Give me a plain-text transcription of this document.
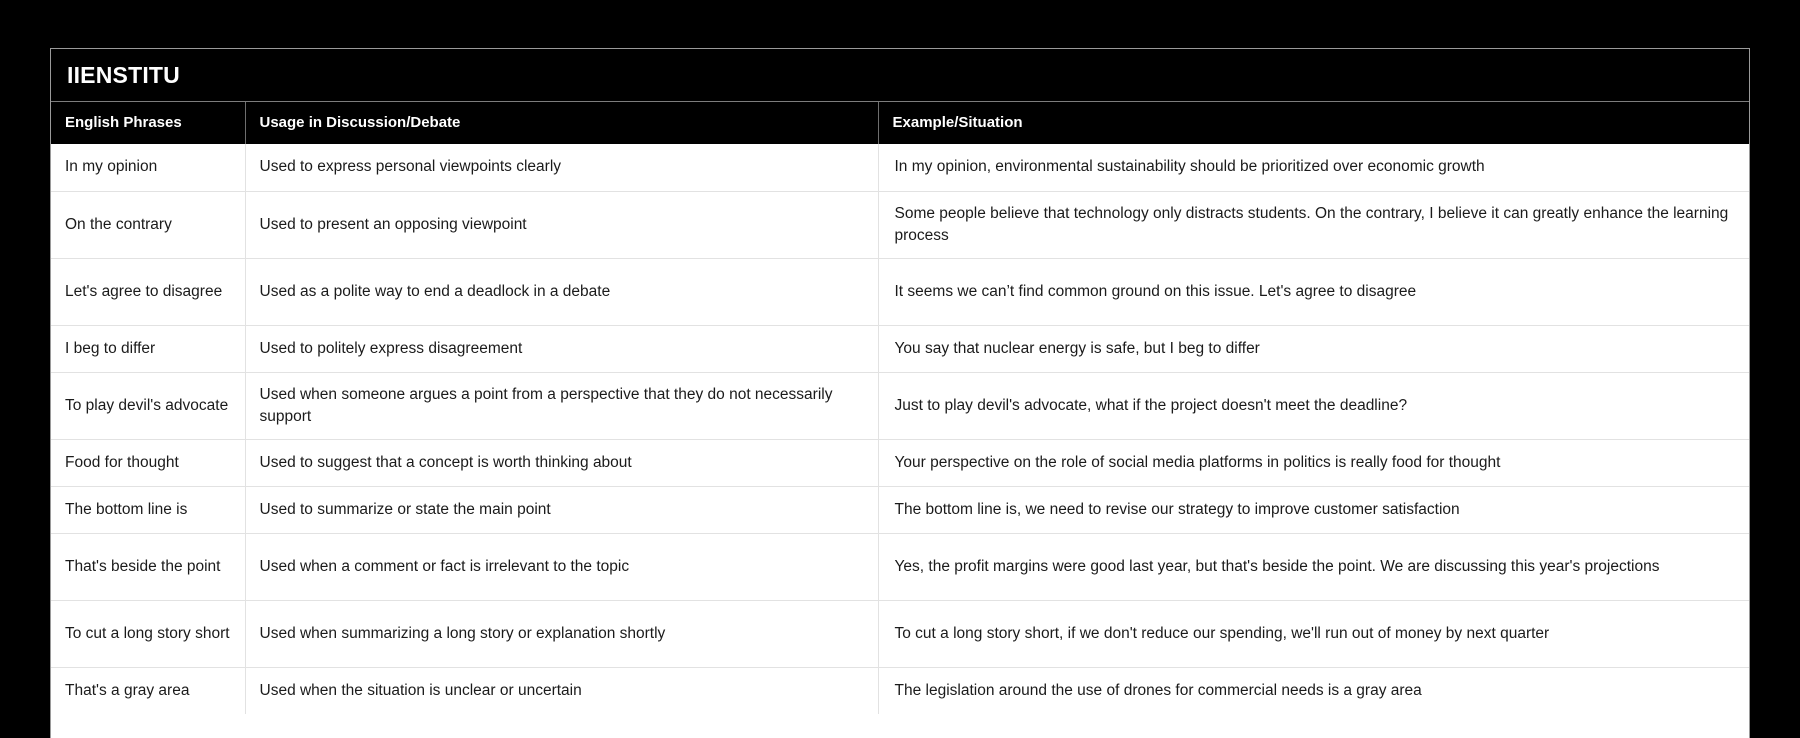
IIENSTITU
English Phrases	Usage in Discussion/Debate	Example/Situation
In my opinion	Used to express personal viewpoints clearly	In my opinion, environmental sustainability should be prioritized over economic growth
On the contrary	Used to present an opposing viewpoint	Some people believe that technology only distracts students. On the contrary, I believe it can greatly enhance the learning process
Let's agree to disagree	Used as a polite way to end a deadlock in a debate	It seems we can’t find common ground on this issue. Let's agree to disagree
I beg to differ	Used to politely express disagreement	You say that nuclear energy is safe, but I beg to differ
To play devil's advocate	Used when someone argues a point from a perspective that they do not necessarily support	Just to play devil's advocate, what if the project doesn't meet the deadline?
Food for thought	Used to suggest that a concept is worth thinking about	Your perspective on the role of social media platforms in politics is really food for thought
The bottom line is	Used to summarize or state the main point	The bottom line is, we need to revise our strategy to improve customer satisfaction
That's beside the point	Used when a comment or fact is irrelevant to the topic	Yes, the profit margins were good last year, but that's beside the point. We are discussing this year's projections
To cut a long story short	Used when summarizing a long story or explanation shortly	To cut a long story short, if we don't reduce our spending, we'll run out of money by next quarter
That's a gray area	Used when the situation is unclear or uncertain	The legislation around the use of drones for commercial needs is a gray area
